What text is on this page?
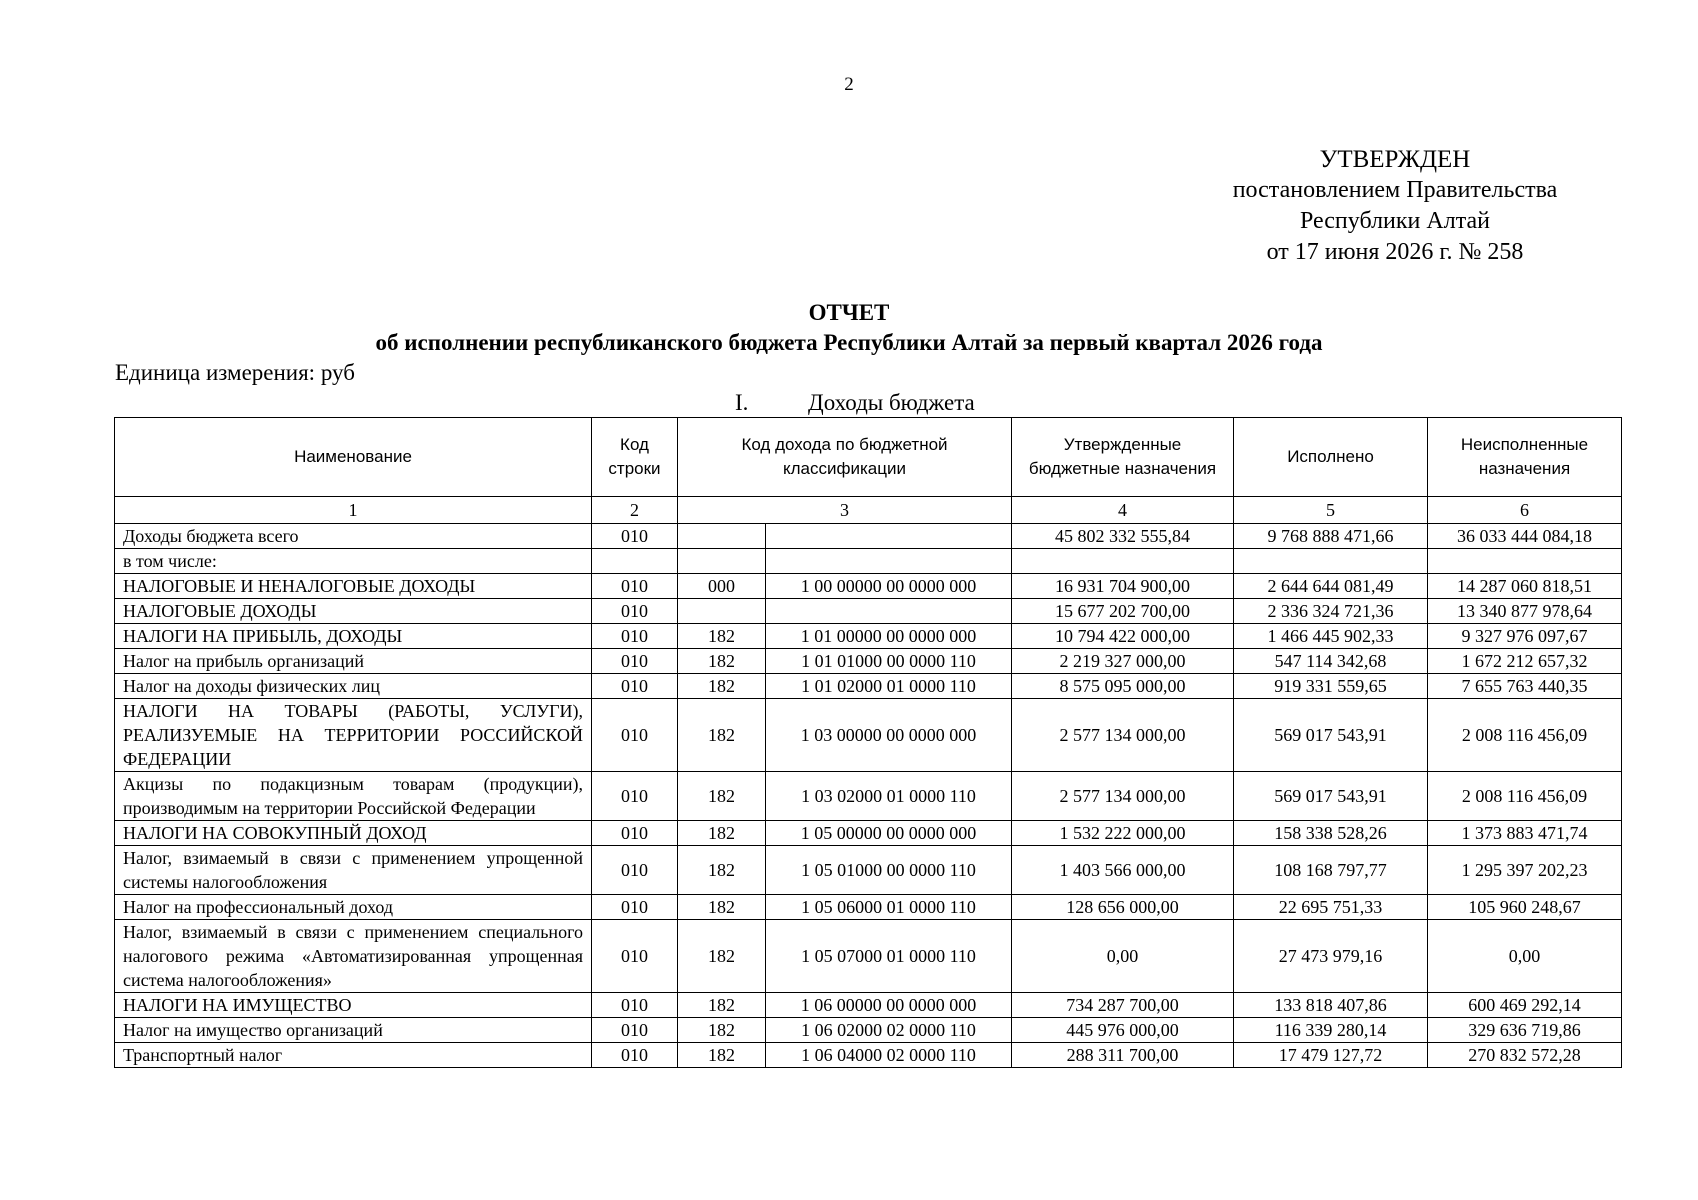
2
УТВЕРЖДЕН
постановлением Правительства
Республики Алтай
от 17 июня 2026 г. № 258
ОТЧЕТ
об исполнении республиканского бюджета Республики Алтай за первый квартал 2026 года
Единица измерения: руб
I.	Доходы бюджета
Наименование	Код строки	Код дохода по бюджетной классификации		Утвержденные бюджетные назначения	Исполнено	Неисполненные назначения
1	2	3		4	5	6
Доходы бюджета всего	010			45 802 332 555,84	9 768 888 471,66	36 033 444 084,18
в том числе:						
НАЛОГОВЫЕ И НЕНАЛОГОВЫЕ ДОХОДЫ	010	000	1 00 00000 00 0000 000	16 931 704 900,00	2 644 644 081,49	14 287 060 818,51
НАЛОГОВЫЕ ДОХОДЫ	010			15 677 202 700,00	2 336 324 721,36	13 340 877 978,64
НАЛОГИ НА ПРИБЫЛЬ, ДОХОДЫ	010	182	1 01 00000 00 0000 000	10 794 422 000,00	1 466 445 902,33	9 327 976 097,67
Налог на прибыль организаций	010	182	1 01 01000 00 0000 110	2 219 327 000,00	547 114 342,68	1 672 212 657,32
Налог на доходы физических лиц	010	182	1 01 02000 01 0000 110	8 575 095 000,00	919 331 559,65	7 655 763 440,35
НАЛОГИ НА ТОВАРЫ (РАБОТЫ, УСЛУГИ), РЕАЛИЗУЕМЫЕ НА ТЕРРИТОРИИ РОССИЙСКОЙ ФЕДЕРАЦИИ	010	182	1 03 00000 00 0000 000	2 577 134 000,00	569 017 543,91	2 008 116 456,09
Акцизы по подакцизным товарам (продукции), производимым на территории Российской Федерации	010	182	1 03 02000 01 0000 110	2 577 134 000,00	569 017 543,91	2 008 116 456,09
НАЛОГИ НА СОВОКУПНЫЙ ДОХОД	010	182	1 05 00000 00 0000 000	1 532 222 000,00	158 338 528,26	1 373 883 471,74
Налог, взимаемый в связи с применением упрощенной системы налогообложения	010	182	1 05 01000 00 0000 110	1 403 566 000,00	108 168 797,77	1 295 397 202,23
Налог на профессиональный доход	010	182	1 05 06000 01 0000 110	128 656 000,00	22 695 751,33	105 960 248,67
Налог, взимаемый в связи с применением специального налогового режима «Автоматизированная упрощенная система налогообложения»	010	182	1 05 07000 01 0000 110	0,00	27 473 979,16	0,00
НАЛОГИ НА ИМУЩЕСТВО	010	182	1 06 00000 00 0000 000	734 287 700,00	133 818 407,86	600 469 292,14
Налог на имущество организаций	010	182	1 06 02000 02 0000 110	445 976 000,00	116 339 280,14	329 636 719,86
Транспортный налог	010	182	1 06 04000 02 0000 110	288 311 700,00	17 479 127,72	270 832 572,28
